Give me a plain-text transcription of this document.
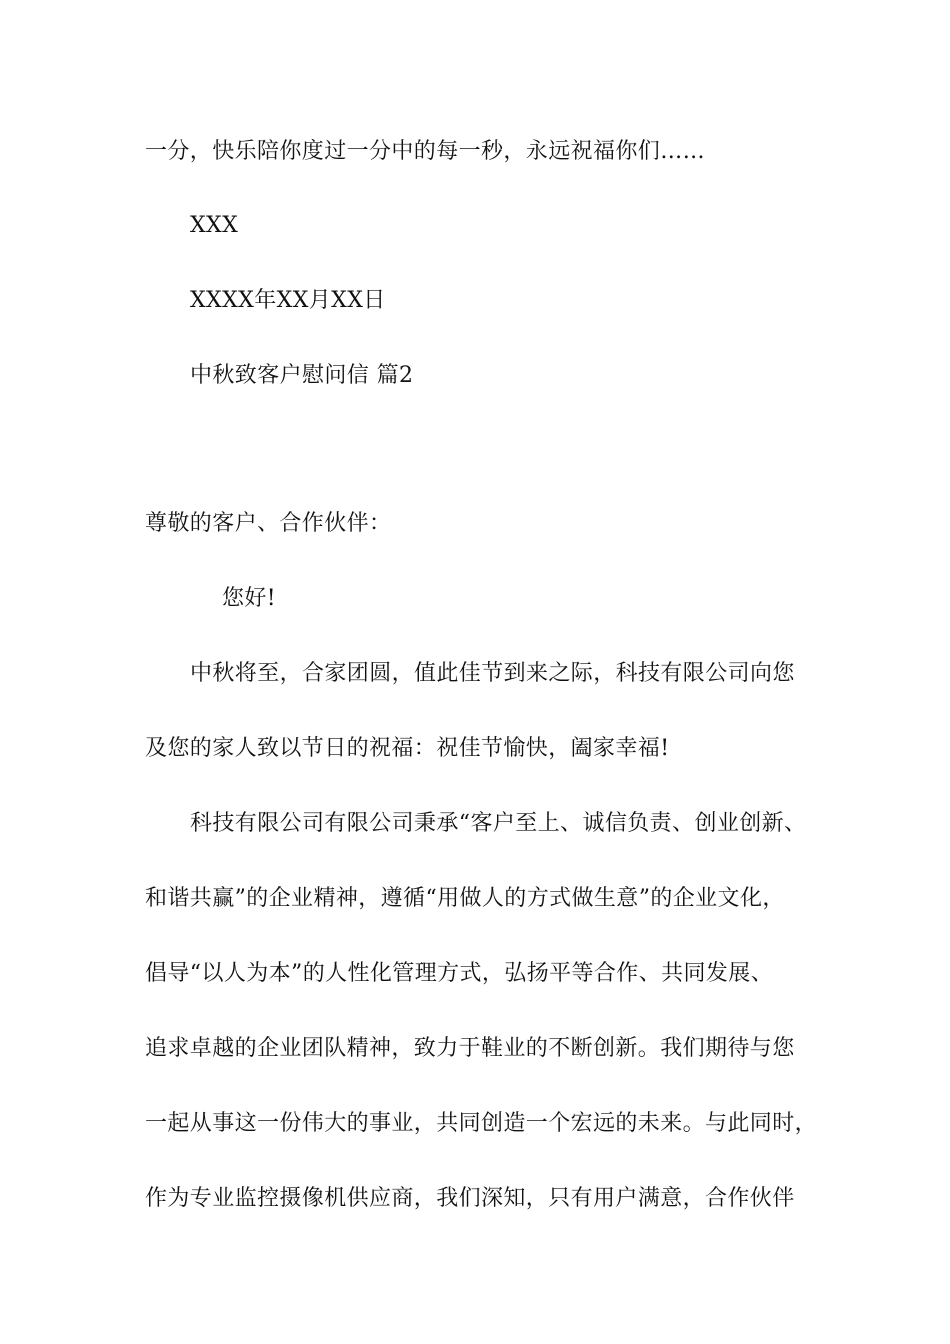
一分，快乐陪你度过一分中的每一秒，永远祝福你们……
XXX
XXXX年XX月XX日
中秋致客户慰问信 篇2
尊敬的客户、合作伙伴：
您好!
中秋将至，合家团圆，值此佳节到来之际，科技有限公司向您
及您的家人致以节日的祝福：祝佳节愉快，阖家幸福!
科技有限公司有限公司秉承“客户至上、诚信负责、创业创新、
和谐共赢”的企业精神，遵循“用做人的方式做生意”的企业文化，
倡导“以人为本”的人性化管理方式，弘扬平等合作、共同发展、
追求卓越的企业团队精神，致力于鞋业的不断创新。我们期待与您
一起从事这一份伟大的事业，共同创造一个宏远的未来。与此同时，
作为专业监控摄像机供应商，我们深知，只有用户满意，合作伙伴
